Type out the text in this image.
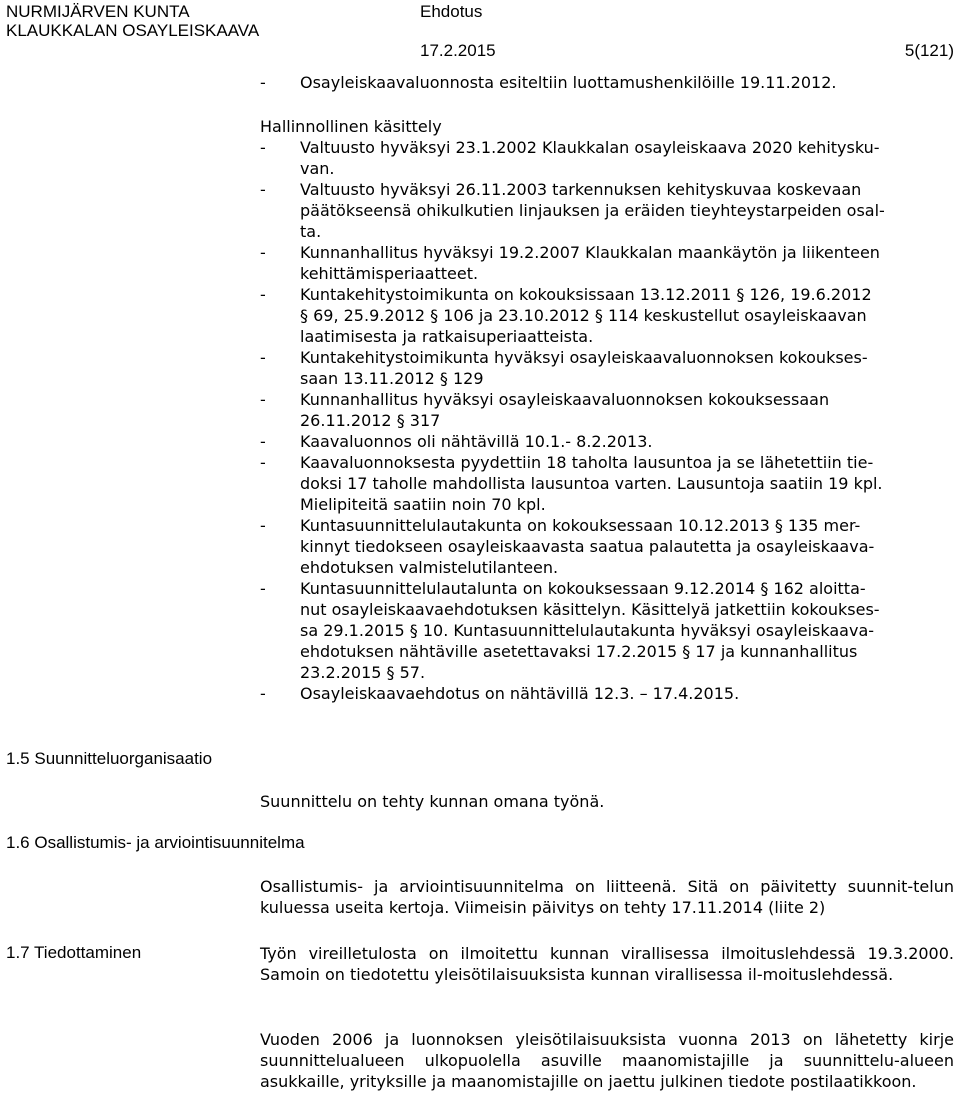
NURMIJÄRVEN KUNTA
KLAUKKALAN OSAYLEISKAAVA
Ehdotus
17.2.2015	5(121)
-	Osayleiskaavaluonnosta esiteltiin luottamushenkilöille 19.11.2012.
Hallinnollinen käsittely
-	Valtuusto hyväksyi 23.1.2002 Klaukkalan osayleiskaava 2020 kehitysku-
van.
-	Valtuusto hyväksyi 26.11.2003 tarkennuksen kehityskuvaa koskevaan
päätökseensä ohikulkutien linjauksen ja eräiden tieyhteystarpeiden osal-
ta.
-	Kunnanhallitus hyväksyi 19.2.2007 Klaukkalan maankäytön ja liikenteen
kehittämisperiaatteet.
-	Kuntakehitystoimikunta on kokouksissaan 13.12.2011 § 126, 19.6.2012
§ 69, 25.9.2012 § 106 ja 23.10.2012 § 114 keskustellut osayleiskaavan
laatimisesta ja ratkaisuperiaatteista.
-	Kuntakehitystoimikunta hyväksyi osayleiskaavaluonnoksen kokoukses-
saan 13.11.2012 § 129
-	Kunnanhallitus hyväksyi osayleiskaavaluonnoksen kokouksessaan
26.11.2012 § 317
-	Kaavaluonnos oli nähtävillä 10.1.- 8.2.2013.
-	Kaavaluonnoksesta pyydettiin 18 taholta lausuntoa ja se lähetettiin tie-
doksi 17 taholle mahdollista lausuntoa varten. Lausuntoja saatiin 19 kpl.
Mielipiteitä saatiin noin 70 kpl.
-	Kuntasuunnittelulautakunta on kokouksessaan 10.12.2013 § 135 mer-
kinnyt tiedokseen osayleiskaavasta saatua palautetta ja osayleiskaava-
ehdotuksen valmistelutilanteen.
-	Kuntasuunnittelulautalunta on kokouksessaan 9.12.2014 § 162 aloitta-
nut osayleiskaavaehdotuksen käsittelyn. Käsittelyä jatkettiin kokoukses-
sa 29.1.2015 § 10. Kuntasuunnittelulautakunta hyväksyi osayleiskaava-
ehdotuksen nähtäville asetettavaksi 17.2.2015 § 17 ja kunnanhallitus
23.2.2015 § 57.
-	Osayleiskaavaehdotus on nähtävillä 12.3. – 17.4.2015.
1.5 Suunnitteluorganisaatio
Suunnittelu on tehty kunnan omana työnä.
1.6 Osallistumis- ja arviointisuunnitelma
Osallistumis- ja arviointisuunnitelma on liitteenä. Sitä on päivitetty suunnit-telun kuluessa useita kertoja. Viimeisin päivitys on tehty 17.11.2014 (liite 2)
1.7 Tiedottaminen	Työn vireilletulosta on ilmoitettu kunnan virallisessa ilmoituslehdessä 19.3.2000. Samoin on tiedotettu yleisötilaisuuksista kunnan virallisessa il-moituslehdessä.
Vuoden 2006 ja luonnoksen yleisötilaisuuksista vuonna 2013 on lähetetty kirje suunnittelualueen ulkopuolella asuville maanomistajille ja suunnittelu-alueen asukkaille, yrityksille ja maanomistajille on jaettu julkinen tiedote postilaatikkoon.
